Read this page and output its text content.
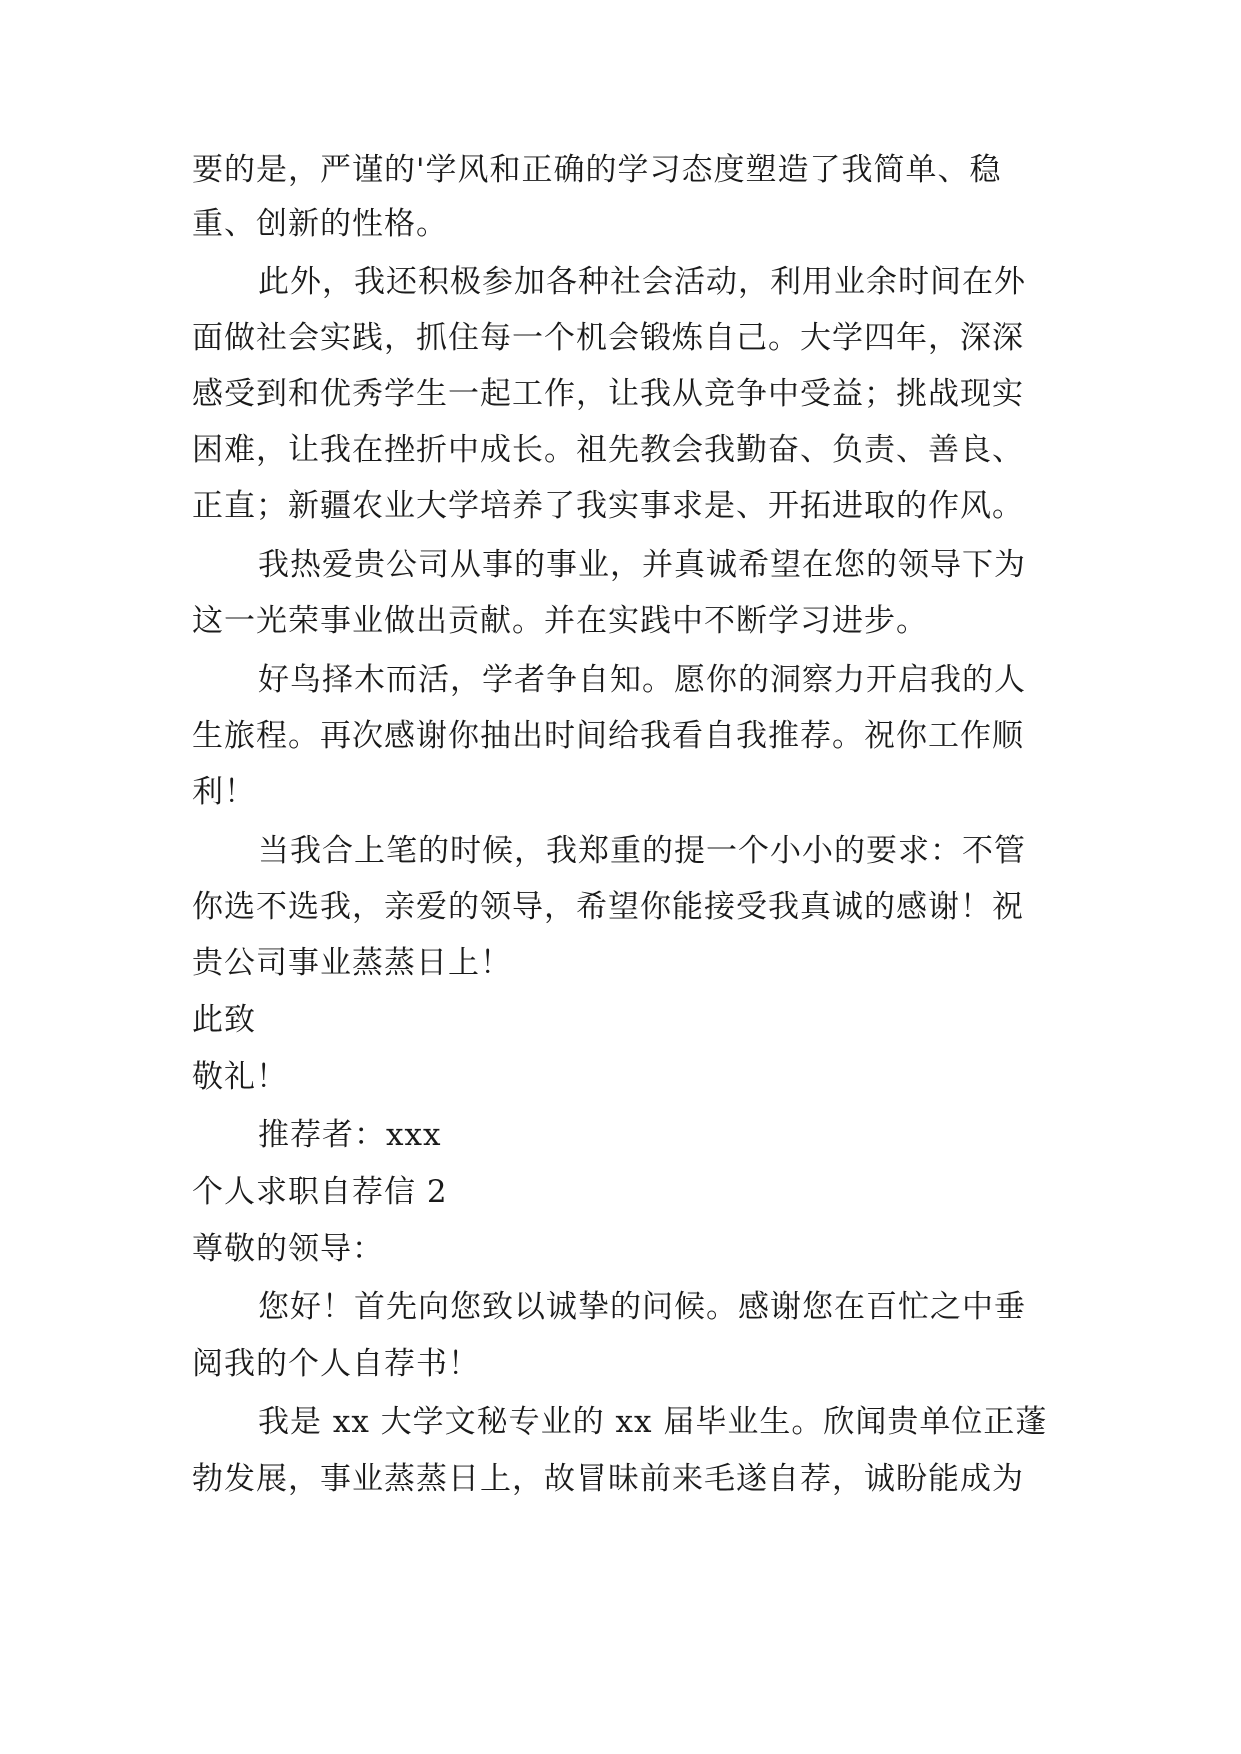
要的是，严谨的'学风和正确的学习态度塑造了我简单、稳
重、创新的性格。
此外，我还积极参加各种社会活动，利用业余时间在外
面做社会实践，抓住每一个机会锻炼自己。大学四年，深深
感受到和优秀学生一起工作，让我从竞争中受益；挑战现实
困难，让我在挫折中成长。祖先教会我勤奋、负责、善良、
正直；新疆农业大学培养了我实事求是、开拓进取的作风。
我热爱贵公司从事的事业，并真诚希望在您的领导下为
这一光荣事业做出贡献。并在实践中不断学习进步。
好鸟择木而活，学者争自知。愿你的洞察力开启我的人
生旅程。再次感谢你抽出时间给我看自我推荐。祝你工作顺
利！
当我合上笔的时候，我郑重的提一个小小的要求：不管
你选不选我，亲爱的领导，希望你能接受我真诚的感谢！祝
贵公司事业蒸蒸日上！
此致
敬礼！
推荐者：xxx
个人求职自荐信 2
尊敬的领导：
您好！首先向您致以诚挚的问候。感谢您在百忙之中垂
阅我的个人自荐书！
我是 xx 大学文秘专业的 xx 届毕业生。欣闻贵单位正蓬
勃发展，事业蒸蒸日上，故冒昧前来毛遂自荐，诚盼能成为
